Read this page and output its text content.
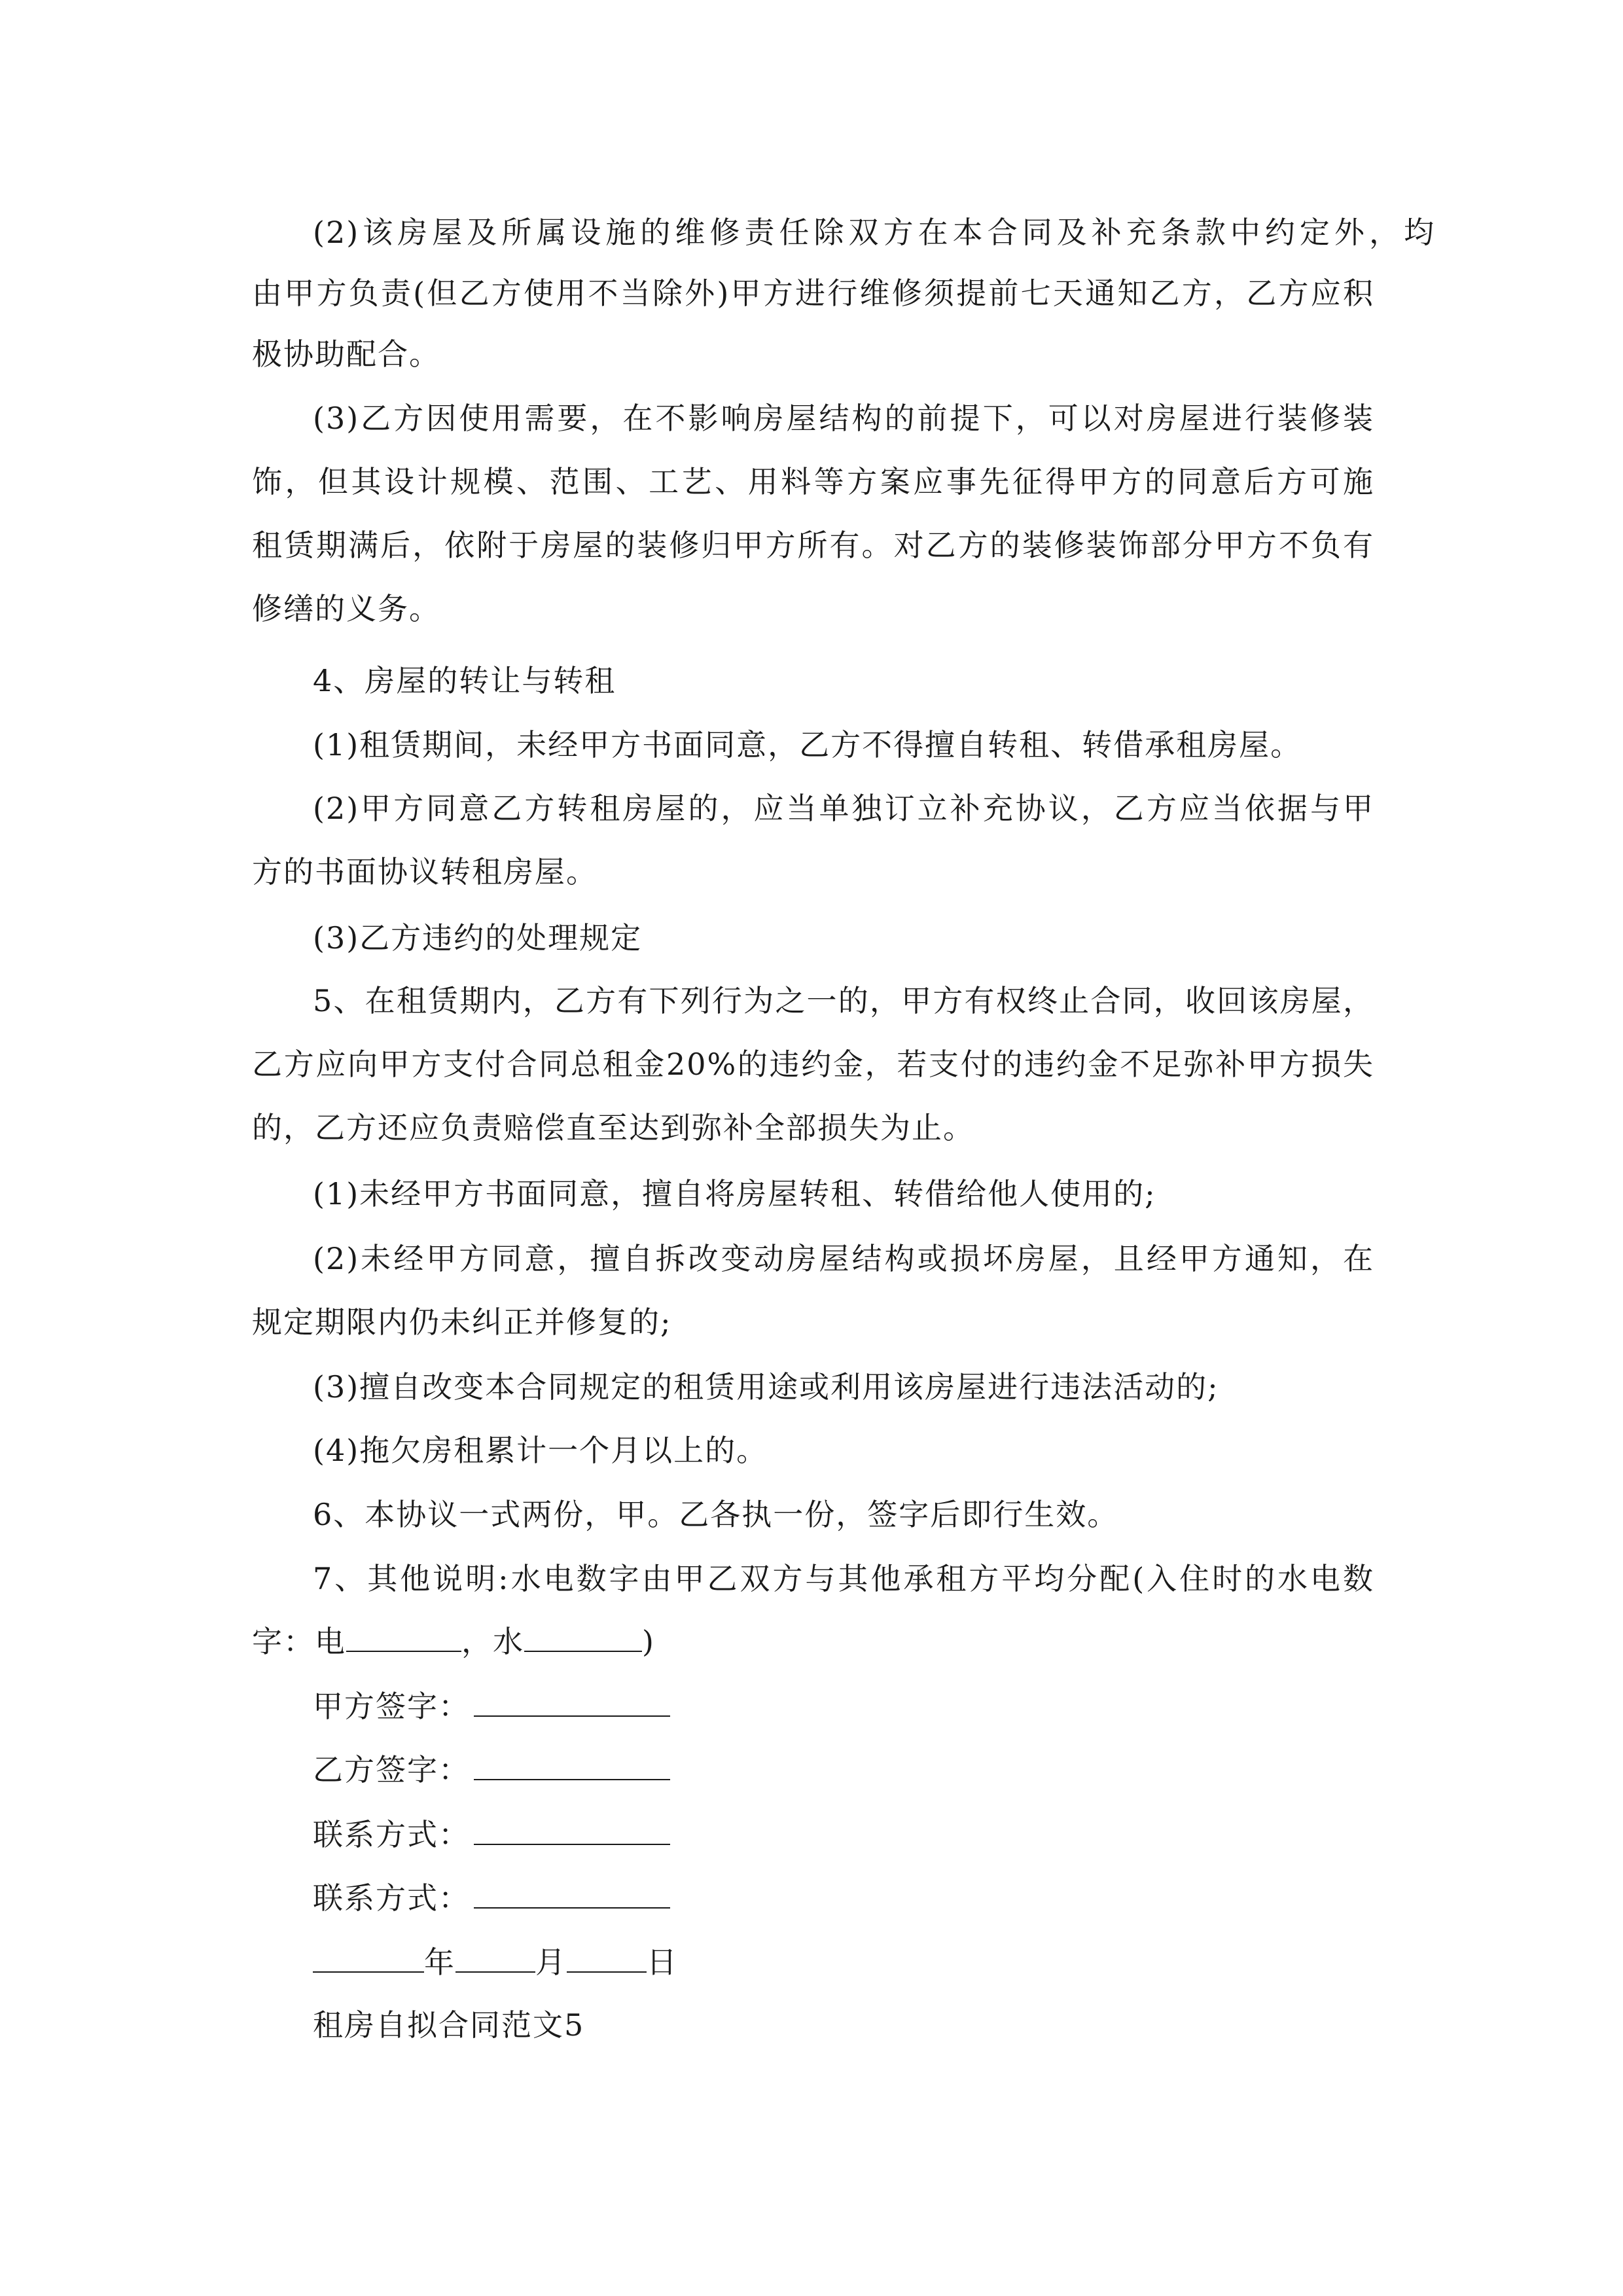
(2)该房屋及所属设施的维修责任除双方在本合同及补充条款中约定外，均
由甲方负责(但乙方使用不当除外)甲方进行维修须提前七天通知乙方，乙方应积
极协助配合。
(3)乙方因使用需要，在不影响房屋结构的前提下，可以对房屋进行装修装
饰，但其设计规模、范围、工艺、用料等方案应事先征得甲方的同意后方可施
租赁期满后，依附于房屋的装修归甲方所有。对乙方的装修装饰部分甲方不负有
修缮的义务。
4、房屋的转让与转租
(1)租赁期间，未经甲方书面同意，乙方不得擅自转租、转借承租房屋。
(2)甲方同意乙方转租房屋的，应当单独订立补充协议，乙方应当依据与甲
方的书面协议转租房屋。
(3)乙方违约的处理规定
5、在租赁期内，乙方有下列行为之一的，甲方有权终止合同，收回该房屋，
乙方应向甲方支付合同总租金20%的违约金，若支付的违约金不足弥补甲方损失
的，乙方还应负责赔偿直至达到弥补全部损失为止。
(1)未经甲方书面同意，擅自将房屋转租、转借给他人使用的;
(2)未经甲方同意，擅自拆改变动房屋结构或损坏房屋，且经甲方通知，在
规定期限内仍未纠正并修复的;
(3)擅自改变本合同规定的租赁用途或利用该房屋进行违法活动的;
(4)拖欠房租累计一个月以上的。
6、本协议一式两份，甲。乙各执一份，签字后即行生效。
7、其他说明:水电数字由甲乙双方与其他承租方平均分配(入住时的水电数
字：电	，水	)
甲方签字：
乙方签字：
联系方式：
联系方式：
年	月	日
租房自拟合同范文5
